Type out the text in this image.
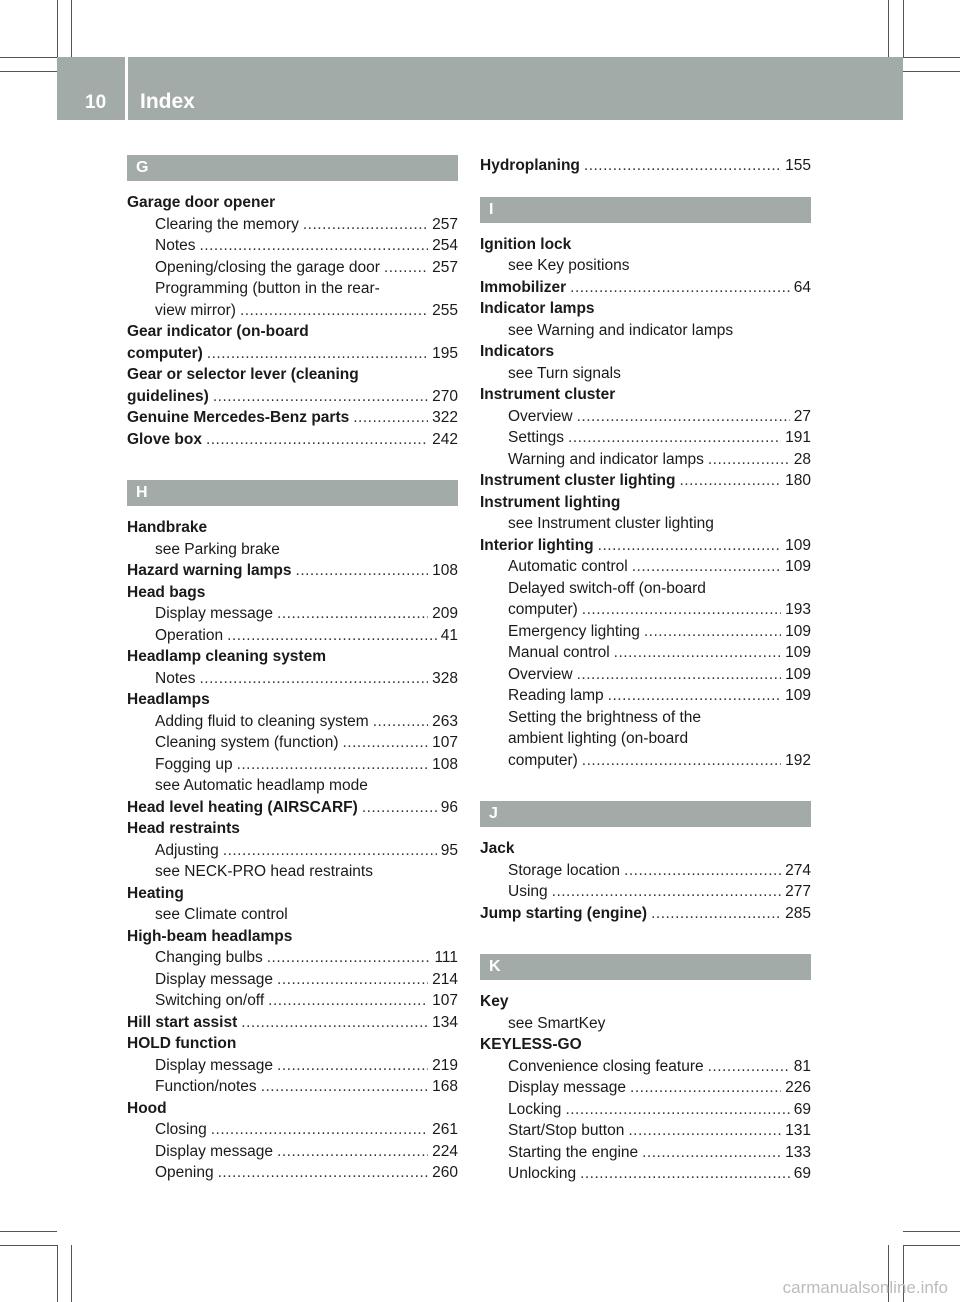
10 Index
G
Garage door opener
Clearing the memory .....	257
Notes .....	254
Opening/closing the garage door .....	257
Programming (button in the rear-
view mirror) .....	255
Gear indicator (on-board
computer) .....	195
Gear or selector lever (cleaning
guidelines) .....	270
Genuine Mercedes-Benz parts .....	322
Glove box .....	242
H
Handbrake
see Parking brake
Hazard warning lamps .....	108
Head bags
Display message .....	209
Operation .....	41
Headlamp cleaning system
Notes .....	328
Headlamps
Adding fluid to cleaning system .....	263
Cleaning system (function) .....	107
Fogging up .....	108
see Automatic headlamp mode
Head level heating (AIRSCARF) .....	96
Head restraints
Adjusting .....	95
see NECK-PRO head restraints
Heating
see Climate control
High-beam headlamps
Changing bulbs .....	111
Display message .....	214
Switching on/off .....	107
Hill start assist .....	134
HOLD function
Display message .....	219
Function/notes .....	168
Hood
Closing .....	261
Display message .....	224
Opening .....	260
Hydroplaning .....	155
I
Ignition lock
see Key positions
Immobilizer .....	64
Indicator lamps
see Warning and indicator lamps
Indicators
see Turn signals
Instrument cluster
Overview .....	27
Settings .....	191
Warning and indicator lamps .....	28
Instrument cluster lighting .....	180
Instrument lighting
see Instrument cluster lighting
Interior lighting .....	109
Automatic control .....	109
Delayed switch-off (on-board
computer) .....	193
Emergency lighting .....	109
Manual control .....	109
Overview .....	109
Reading lamp .....	109
Setting the brightness of the
ambient lighting (on-board
computer) .....	192
J
Jack
Storage location .....	274
Using .....	277
Jump starting (engine) .....	285
K
Key
see SmartKey
KEYLESS-GO
Convenience closing feature .....	81
Display message .....	226
Locking .....	69
Start/Stop button .....	131
Starting the engine .....	133
Unlocking .....	69
carmanualsonline.info
